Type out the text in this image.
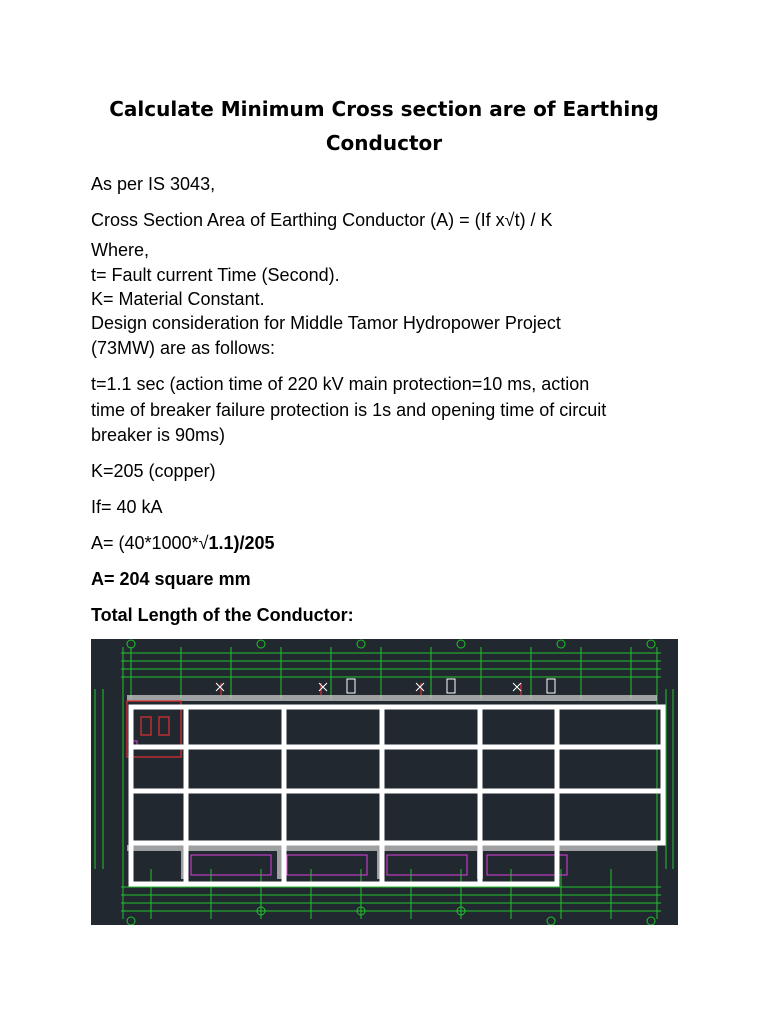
Calculate Minimum Cross section are of Earthing Conductor
As per IS 3043,
Cross Section Area of Earthing Conductor (A) = (If x√t) / K
Where,
t= Fault current Time (Second).
K= Material Constant.
Design consideration for Middle Tamor Hydropower Project
(73MW) are as follows:
t=1.1 sec (action time of 220 kV main protection=10 ms, action
time of breaker failure protection is 1s and opening time of circuit
breaker is 90ms)
K=205 (copper)
If= 40 kA
A= (40*1000*√1.1)/205
A= 204 square mm
Total Length of the Conductor:
